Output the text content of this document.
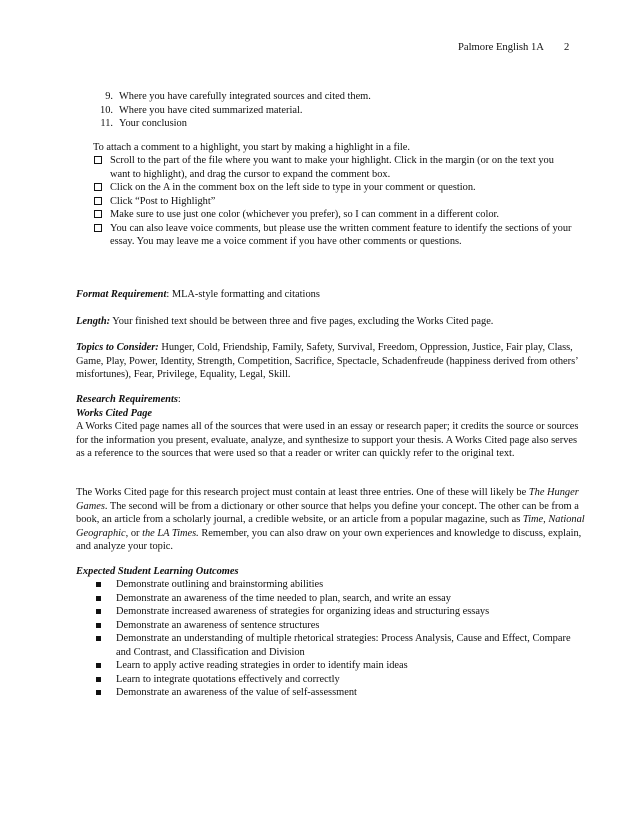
Palmore English 1A 2
9. Where you have carefully integrated sources and cited them.
10. Where you have cited summarized material.
11. Your conclusion
To attach a comment to a highlight, you start by making a highlight in a file.
Scroll to the part of the file where you want to make your highlight. Click in the margin (or on the text you want to highlight), and drag the cursor to expand the comment box.
Click on the A in the comment box on the left side to type in your comment or question.
Click “Post to Highlight”
Make sure to use just one color (whichever you prefer), so I can comment in a different color.
You can also leave voice comments, but please use the written comment feature to identify the sections of your essay. You may leave me a voice comment if you have other comments or questions.
Format Requirement: MLA-style formatting and citations
Length: Your finished text should be between three and five pages, excluding the Works Cited page.
Topics to Consider: Hunger, Cold, Friendship, Family, Safety, Survival, Freedom, Oppression, Justice, Fair play, Class, Game, Play, Power, Identity, Strength, Competition, Sacrifice, Spectacle, Schadenfreude (happiness derived from others’ misfortunes), Fear, Privilege, Equality, Legal, Skill.
Research Requirements:
Works Cited Page
A Works Cited page names all of the sources that were used in an essay or research paper; it credits the source or sources for the information you present, evaluate, analyze, and synthesize to support your thesis. A Works Cited page also serves as a reference to the sources that were used so that a reader or writer can quickly refer to the original text.
The Works Cited page for this research project must contain at least three entries. One of these will likely be The Hunger Games. The second will be from a dictionary or other source that helps you define your concept. The other can be from a book, an article from a scholarly journal, a credible website, or an article from a popular magazine, such as Time, National Geographic, or the LA Times. Remember, you can also draw on your own experiences and knowledge to discuss, explain, and analyze your topic.
Expected Student Learning Outcomes
Demonstrate outlining and brainstorming abilities
Demonstrate an awareness of the time needed to plan, search, and write an essay
Demonstrate increased awareness of strategies for organizing ideas and structuring essays
Demonstrate an awareness of sentence structures
Demonstrate an understanding of multiple rhetorical strategies: Process Analysis, Cause and Effect, Compare and Contrast, and Classification and Division
Learn to apply active reading strategies in order to identify main ideas
Learn to integrate quotations effectively and correctly
Demonstrate an awareness of the value of self-assessment
